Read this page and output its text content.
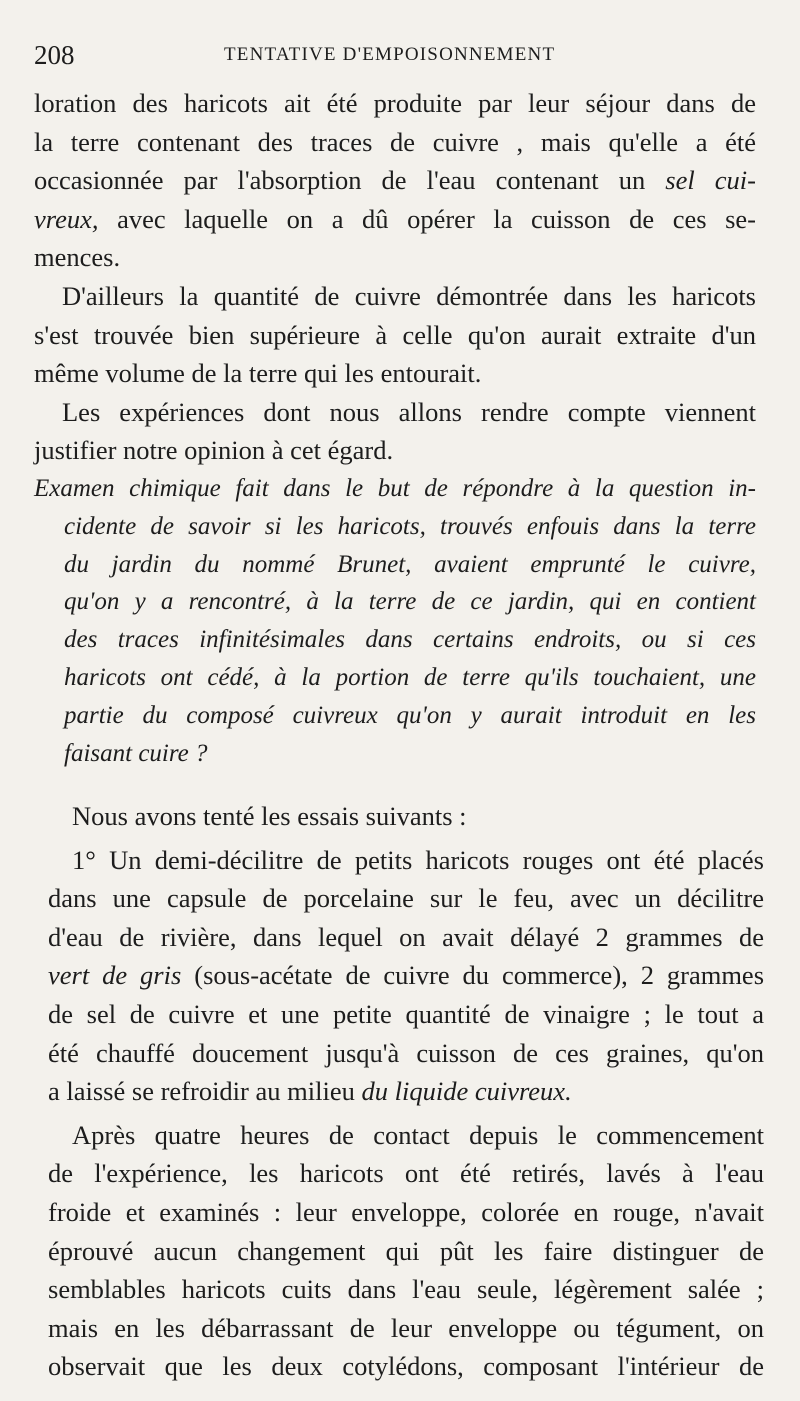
208	TENTATIVE D'EMPOISONNEMENT
loration des haricots ait été produite par leur séjour dans de
la terre contenant des traces de cuivre , mais qu'elle a été
occasionnée par l'absorption de l'eau contenant un sel cui-
vreux, avec laquelle on a dû opérer la cuisson de ces se-
mences.
D'ailleurs la quantité de cuivre démontrée dans les haricots
s'est trouvée bien supérieure à celle qu'on aurait extraite d'un
même volume de la terre qui les entourait.
Les expériences dont nous allons rendre compte viennent
justifier notre opinion à cet égard.
Examen chimique fait dans le but de répondre à la question in-
cidente de savoir si les haricots, trouvés enfouis dans la terre
du jardin du nommé Brunet, avaient emprunté le cuivre,
qu'on y a rencontré, à la terre de ce jardin, qui en contient
des traces infinitésimales dans certains endroits, ou si ces
haricots ont cédé, à la portion de terre qu'ils touchaient, une
partie du composé cuivreux qu'on y aurait introduit en les
faisant cuire ?
Nous avons tenté les essais suivants :
1° Un demi-décilitre de petits haricots rouges ont été placés
dans une capsule de porcelaine sur le feu, avec un décilitre
d'eau de rivière, dans lequel on avait délayé 2 grammes de
vert de gris (sous-acétate de cuivre du commerce), 2 grammes
de sel de cuivre et une petite quantité de vinaigre ; le tout a
été chauffé doucement jusqu'à cuisson de ces graines, qu'on
a laissé se refroidir au milieu du liquide cuivreux.
Après quatre heures de contact depuis le commencement
de l'expérience, les haricots ont été retirés, lavés à l'eau
froide et examinés : leur enveloppe, colorée en rouge, n'avait
éprouvé aucun changement qui pût les faire distinguer de
semblables haricots cuits dans l'eau seule, légèrement salée ;
mais en les débarrassant de leur enveloppe ou tégument, on
observait que les deux cotylédons, composant l'intérieur de
